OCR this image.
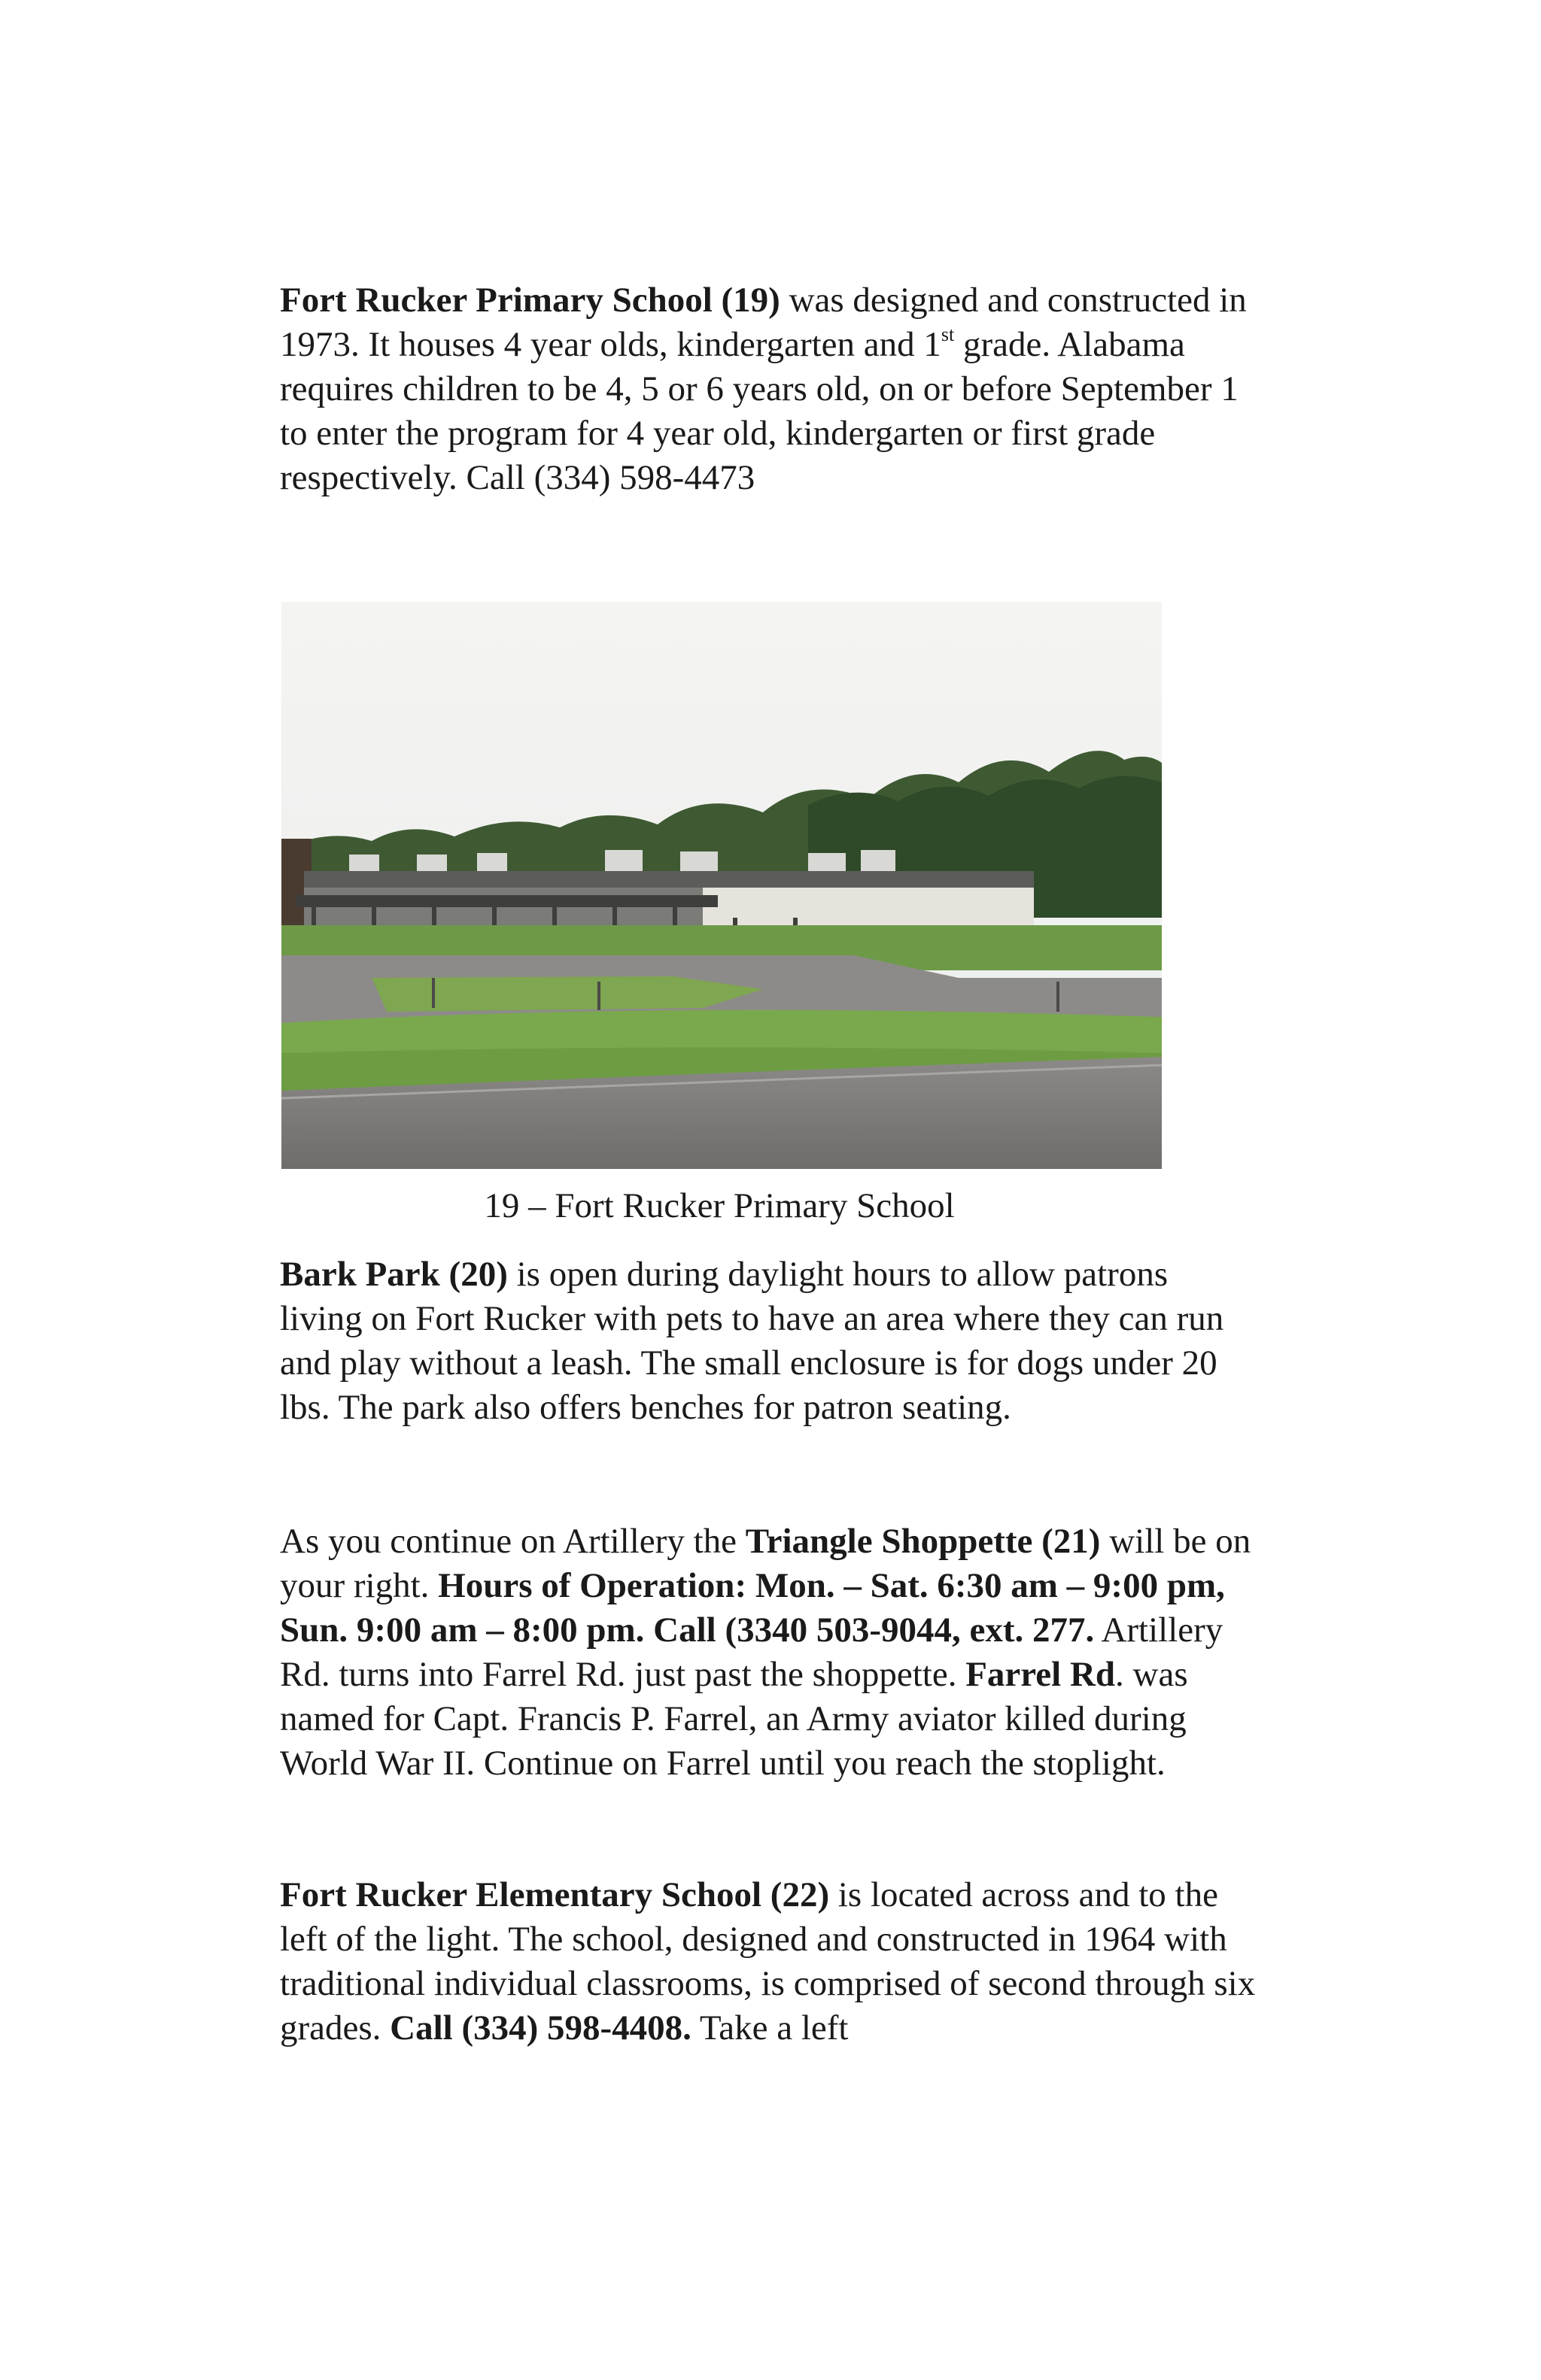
Fort Rucker Primary School (19) was designed and constructed in 1973. It houses 4 year olds, kindergarten and 1st grade. Alabama requires children to be 4, 5 or 6 years old, on or before September 1 to enter the program for 4 year old, kindergarten or first grade respectively. Call (334) 598-4473

19 – Fort Rucker Primary School

Bark Park (20) is open during daylight hours to allow patrons living on Fort Rucker with pets to have an area where they can run and play without a leash. The small enclosure is for dogs under 20 lbs. The park also offers benches for patron seating.

As you continue on Artillery the Triangle Shoppette (21) will be on your right. Hours of Operation: Mon. – Sat. 6:30 am – 9:00 pm, Sun. 9:00 am – 8:00 pm. Call (3340 503-9044, ext. 277. Artillery Rd. turns into Farrel Rd. just past the shoppette. Farrel Rd. was named for Capt. Francis P. Farrel, an Army aviator killed during World War II. Continue on Farrel until you reach the stoplight.

Fort Rucker Elementary School (22) is located across and to the left of the light. The school, designed and constructed in 1964 with traditional individual classrooms, is comprised of second through six grades. Call (334) 598-4408. Take a left
